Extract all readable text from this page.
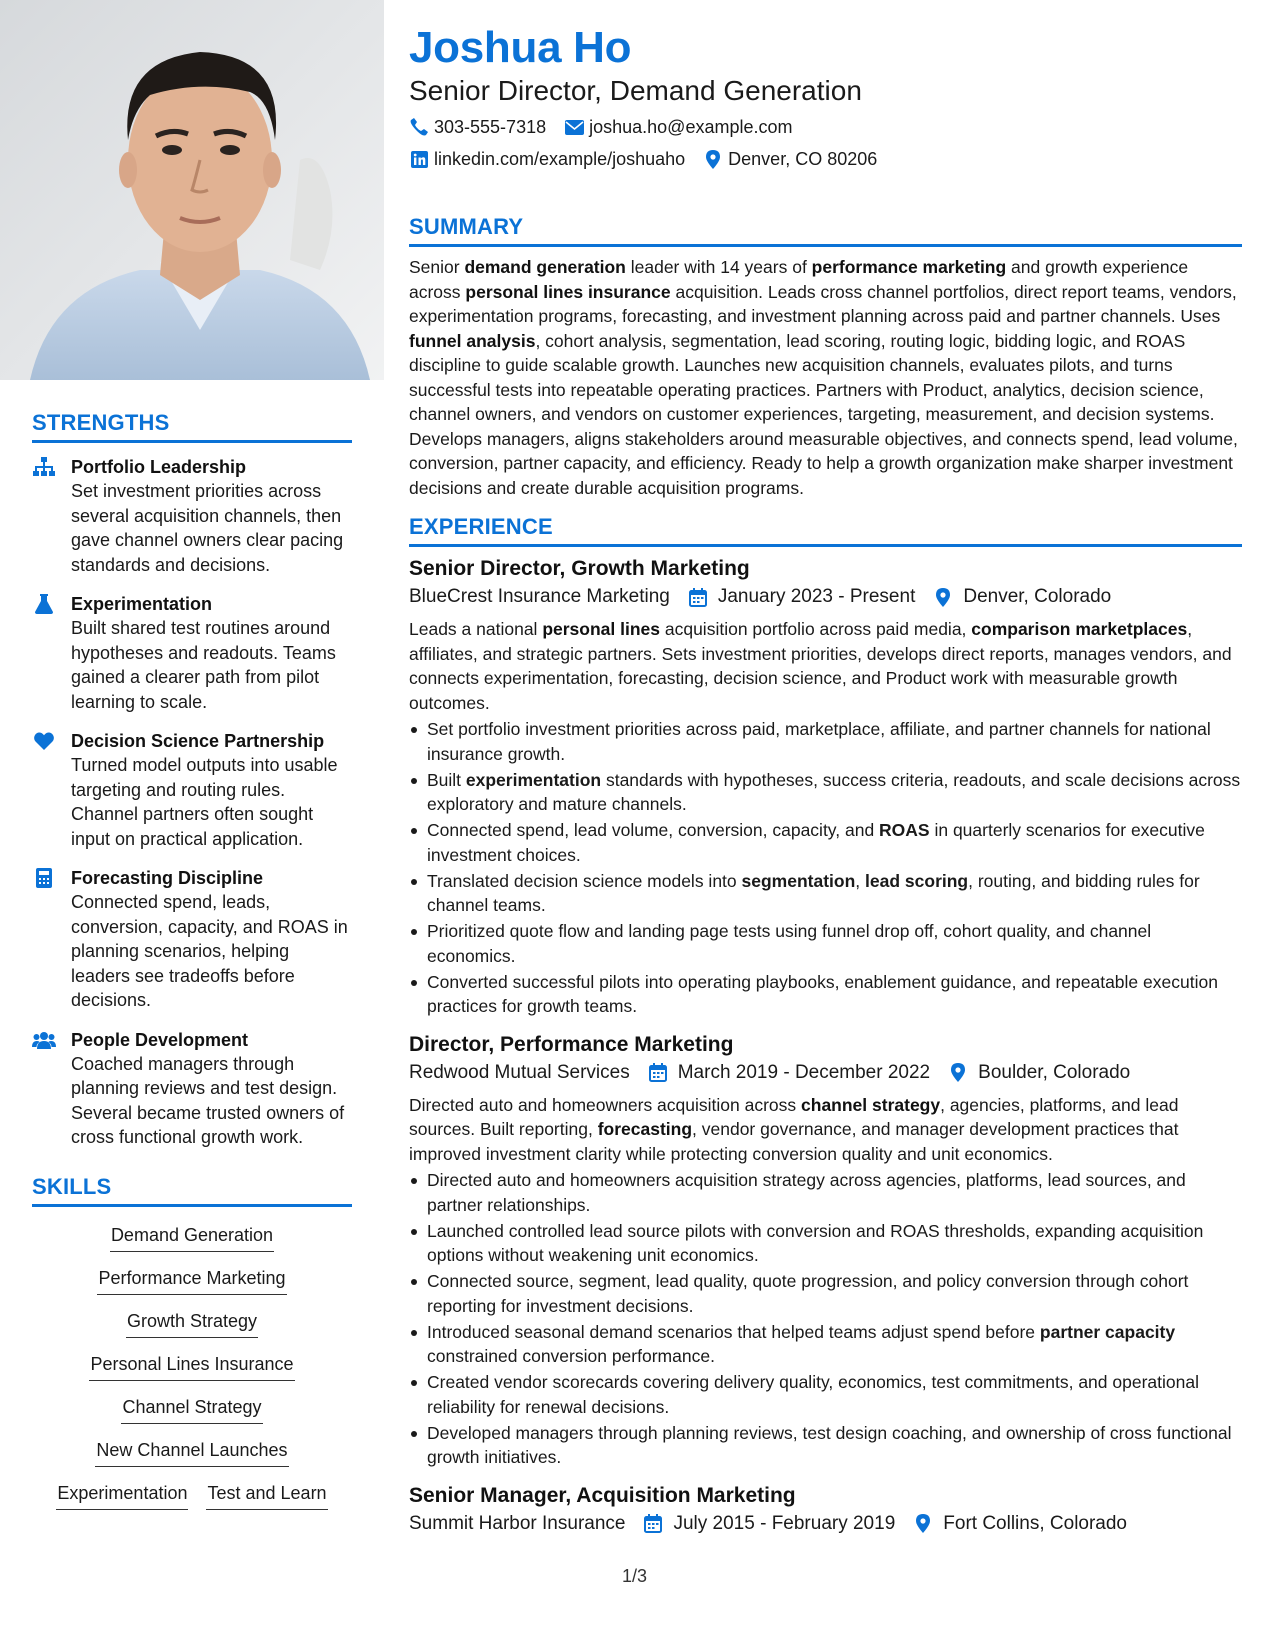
STRENGTHS
Portfolio Leadership
Set investment priorities across several acquisition channels, then gave channel owners clear pacing standards and decisions.
Experimentation
Built shared test routines around hypotheses and readouts. Teams gained a clearer path from pilot learning to scale.
Decision Science Partnership
Turned model outputs into usable targeting and routing rules. Channel partners often sought input on practical application.
Forecasting Discipline
Connected spend, leads, conversion, capacity, and ROAS in planning scenarios, helping leaders see tradeoffs before decisions.
People Development
Coached managers through planning reviews and test design. Several became trusted owners of cross functional growth work.
SKILLS
Demand Generation
Performance Marketing
Growth Strategy
Personal Lines Insurance
Channel Strategy
New Channel Launches
Experimentation Test and Learn
Joshua Ho
Senior Director, Demand Generation
303-555-7318 joshua.ho@example.com
linkedin.com/example/joshuaho Denver, CO 80206
SUMMARY

Senior demand generation leader with 14 years of performance marketing and growth experience across personal lines insurance acquisition. Leads cross channel portfolios, direct report teams, vendors, experimentation programs, forecasting, and investment planning across paid and partner channels. Uses funnel analysis, cohort analysis, segmentation, lead scoring, routing logic, bidding logic, and ROAS discipline to guide scalable growth. Launches new acquisition channels, evaluates pilots, and turns successful tests into repeatable operating practices. Partners with Product, analytics, decision science, channel owners, and vendors on customer experiences, targeting, measurement, and decision systems. Develops managers, aligns stakeholders around measurable objectives, and connects spend, lead volume, conversion, partner capacity, and efficiency. Ready to help a growth organization make sharper investment decisions and create durable acquisition programs.

EXPERIENCE
Senior Director, Growth Marketing
BlueCrest Insurance Marketing	January 2023 - Present	Denver, Colorado

Leads a national personal lines acquisition portfolio across paid media, comparison marketplaces, affiliates, and strategic partners. Sets investment priorities, develops direct reports, manages vendors, and connects experimentation, forecasting, decision science, and Product work with measurable growth outcomes.

Set portfolio investment priorities across paid, marketplace, affiliate, and partner channels for national insurance growth.
Built experimentation standards with hypotheses, success criteria, readouts, and scale decisions across exploratory and mature channels.
Connected spend, lead volume, conversion, capacity, and ROAS in quarterly scenarios for executive investment choices.
Translated decision science models into segmentation, lead scoring, routing, and bidding rules for channel teams.
Prioritized quote flow and landing page tests using funnel drop off, cohort quality, and channel economics.
Converted successful pilots into operating playbooks, enablement guidance, and repeatable execution practices for growth teams.
Director, Performance Marketing
Redwood Mutual Services	March 2019 - December 2022	Boulder, Colorado

Directed auto and homeowners acquisition across channel strategy, agencies, platforms, and lead sources. Built reporting, forecasting, vendor governance, and manager development practices that improved investment clarity while protecting conversion quality and unit economics.

Directed auto and homeowners acquisition strategy across agencies, platforms, lead sources, and partner relationships.
Launched controlled lead source pilots with conversion and ROAS thresholds, expanding acquisition options without weakening unit economics.
Connected source, segment, lead quality, quote progression, and policy conversion through cohort reporting for investment decisions.
Introduced seasonal demand scenarios that helped teams adjust spend before partner capacity constrained conversion performance.
Created vendor scorecards covering delivery quality, economics, test commitments, and operational reliability for renewal decisions.
Developed managers through planning reviews, test design coaching, and ownership of cross functional growth initiatives.
Senior Manager, Acquisition Marketing
Summit Harbor Insurance	July 2015 - February 2019	Fort Collins, Colorado
1/3
